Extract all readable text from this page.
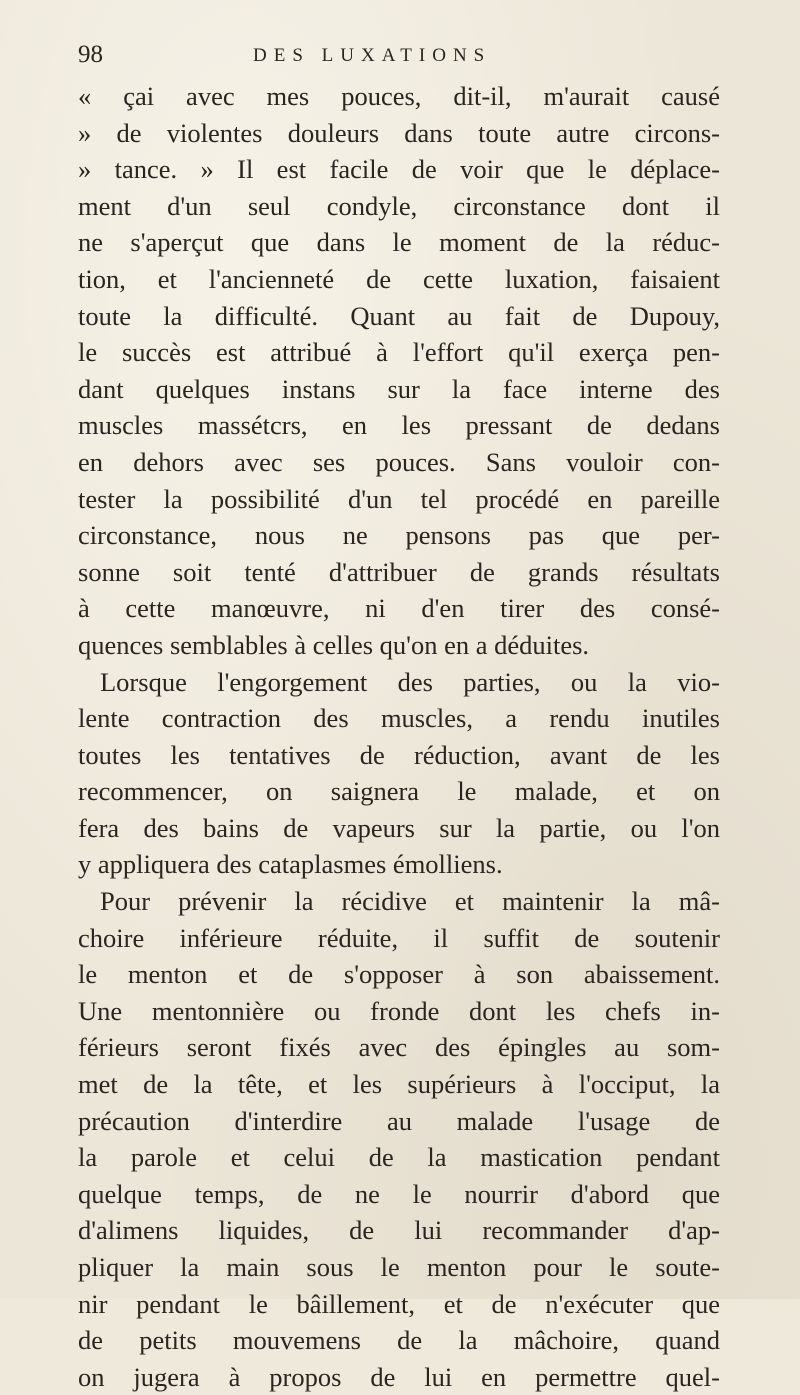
98	DES LUXATIONS
« çai avec mes pouces, dit-il, m'aurait causé
» de violentes douleurs dans toute autre circons-
» tance. » Il est facile de voir que le déplace-
ment d'un seul condyle, circonstance dont il
ne s'aperçut que dans le moment de la réduc-
tion, et l'ancienneté de cette luxation, faisaient
toute la difficulté. Quant au fait de Dupouy,
le succès est attribué à l'effort qu'il exerça pen-
dant quelques instans sur la face interne des
muscles massétcrs, en les pressant de dedans
en dehors avec ses pouces. Sans vouloir con-
tester la possibilité d'un tel procédé en pareille
circonstance, nous ne pensons pas que per-
sonne soit tenté d'attribuer de grands résultats
à cette manœuvre, ni d'en tirer des consé-
quences semblables à celles qu'on en a déduites.
Lorsque l'engorgement des parties, ou la vio-
lente contraction des muscles, a rendu inutiles
toutes les tentatives de réduction, avant de les
recommencer, on saignera le malade, et on
fera des bains de vapeurs sur la partie, ou l'on
y appliquera des cataplasmes émolliens.
Pour prévenir la récidive et maintenir la mâ-
choire inférieure réduite, il suffit de soutenir
le menton et de s'opposer à son abaissement.
Une mentonnière ou fronde dont les chefs in-
férieurs seront fixés avec des épingles au som-
met de la tête, et les supérieurs à l'occiput, la
précaution d'interdire au malade l'usage de
la parole et celui de la mastication pendant
quelque temps, de ne le nourrir d'abord que
d'alimens liquides, de lui recommander d'ap-
pliquer la main sous le menton pour le soute-
nir pendant le bâillement, et de n'exécuter que
de petits mouvemens de la mâchoire, quand
on jugera à propos de lui en permettre quel-
